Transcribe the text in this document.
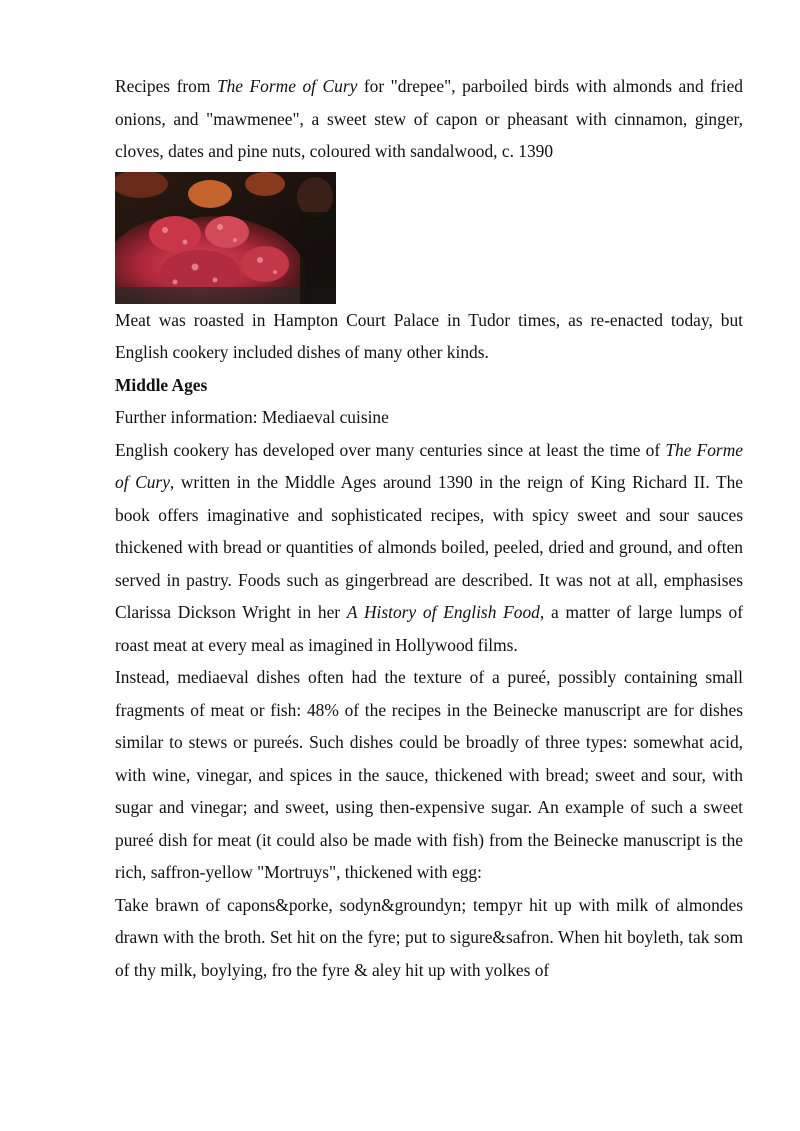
Recipes from The Forme of Cury for "drepee", parboiled birds with almonds and fried onions, and "mawmenee", a sweet stew of capon or pheasant with cinnamon, ginger, cloves, dates and pine nuts, coloured with sandalwood, c. 1390

Meat was roasted in Hampton Court Palace in Tudor times, as re-enacted today, but English cookery included dishes of many other kinds.

Middle Ages

Further information: Mediaeval cuisine

English cookery has developed over many centuries since at least the time of The Forme of Cury, written in the Middle Ages around 1390 in the reign of King Richard II. The book offers imaginative and sophisticated recipes, with spicy sweet and sour sauces thickened with bread or quantities of almonds boiled, peeled, dried and ground, and often served in pastry. Foods such as gingerbread are described. It was not at all, emphasises Clarissa Dickson Wright in her A History of English Food, a matter of large lumps of roast meat at every meal as imagined in Hollywood films.

Instead, mediaeval dishes often had the texture of a pureé, possibly containing small fragments of meat or fish: 48% of the recipes in the Beinecke manuscript are for dishes similar to stews or pureés. Such dishes could be broadly of three types: somewhat acid, with wine, vinegar, and spices in the sauce, thickened with bread; sweet and sour, with sugar and vinegar; and sweet, using then-expensive sugar. An example of such a sweet pureé dish for meat (it could also be made with fish) from the Beinecke manuscript is the rich, saffron-yellow "Mortruys", thickened with egg:

Take brawn of capons&porke, sodyn&groundyn; tempyr hit up with milk of almondes drawn with the broth. Set hit on the fyre; put to sigure&safron. When hit boyleth, tak som of thy milk, boylying, fro the fyre & aley hit up with yolkes of
